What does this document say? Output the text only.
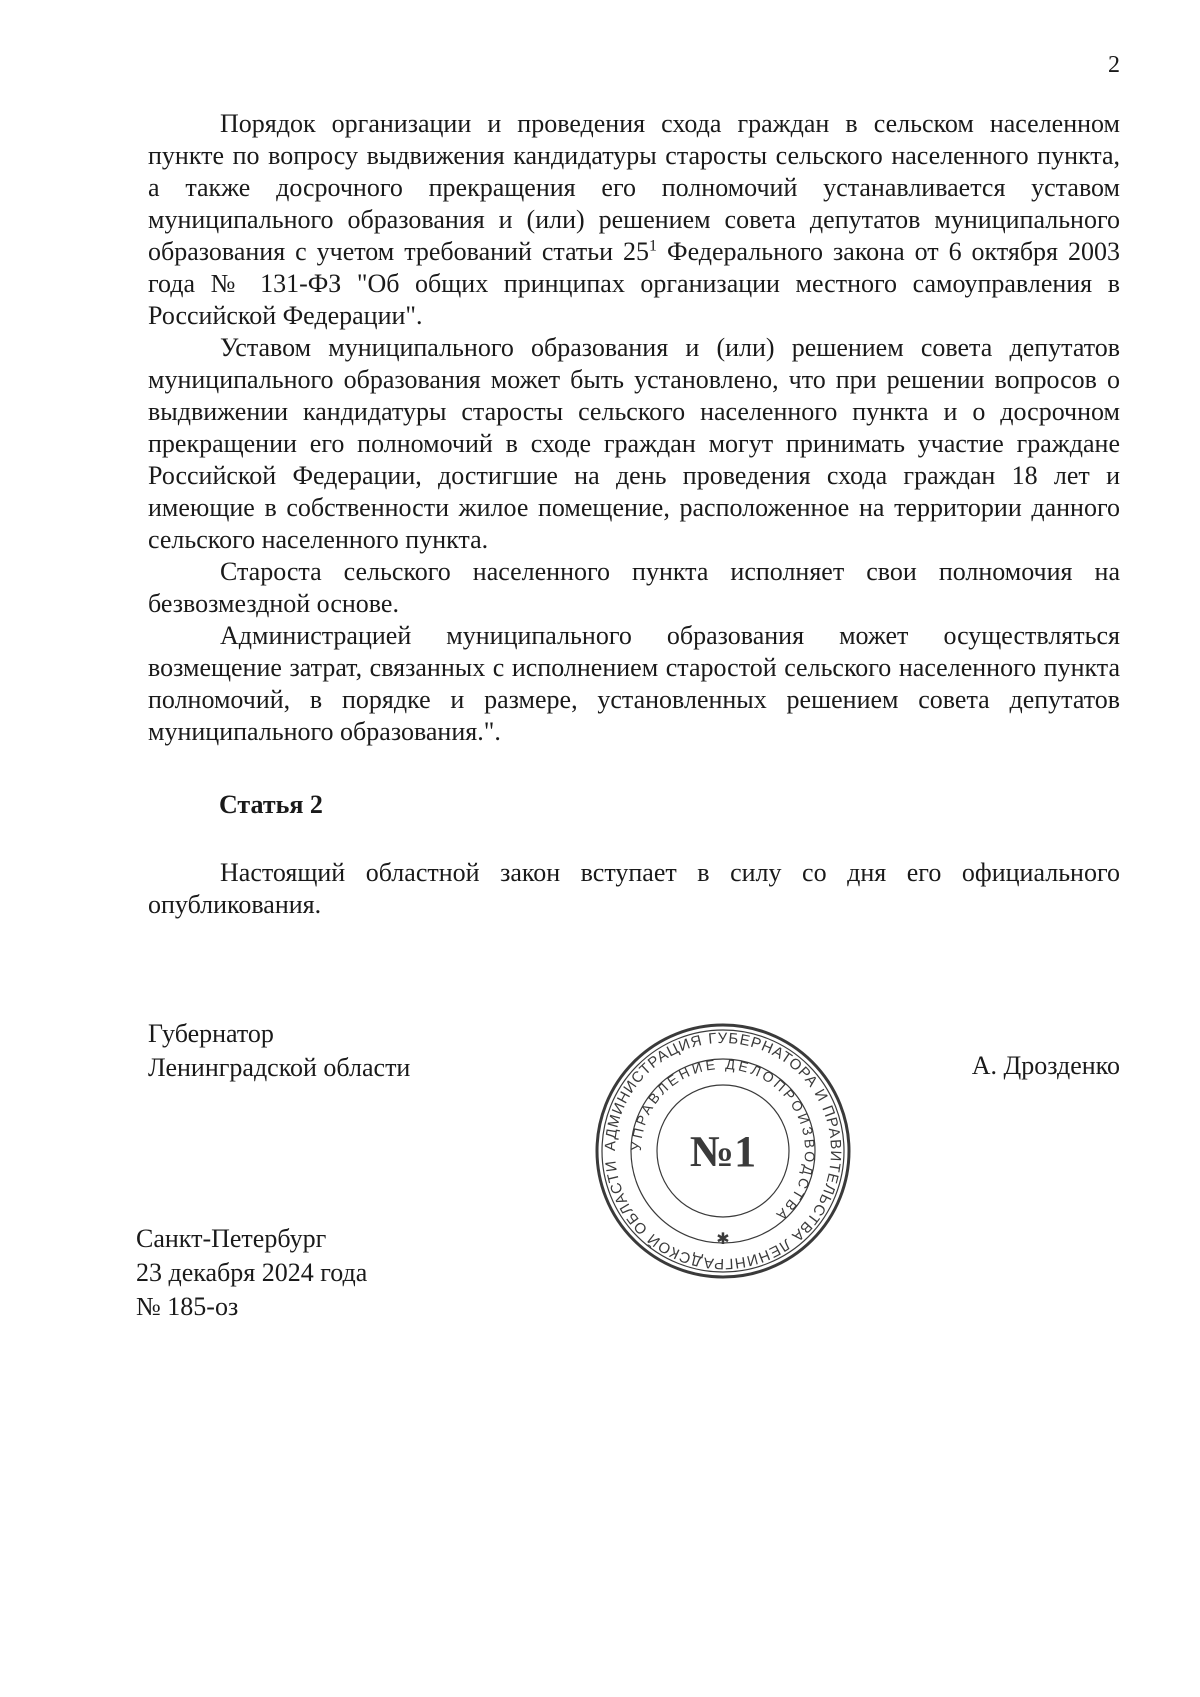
2

Порядок организации и проведения схода граждан в сельском населенном пункте по вопросу выдвижения кандидатуры старосты сельского населенного пункта, а также досрочного прекращения его полномочий устанавливается уставом муниципального образования и (или) решением совета депутатов муниципального образования с учетом требований статьи $25^1$ Федерального закона от 6 октября 2003 года № 131-ФЗ "Об общих принципах организации местного самоуправления в Российской Федерации".

Уставом муниципального образования и (или) решением совета депутатов муниципального образования может быть установлено, что при решении вопросов о выдвижении кандидатуры старосты сельского населенного пункта и о досрочном прекращении его полномочий в сходе граждан могут принимать участие граждане Российской Федерации, достигшие на день проведения схода граждан 18 лет и имеющие в собственности жилое помещение, расположенное на территории данного сельского населенного пункта.

Староста сельского населенного пункта исполняет свои полномочия на безвозмездной основе.

Администрацией муниципального образования может осуществляться возмещение затрат, связанных с исполнением старостой сельского населенного пункта полномочий, в порядке и размере, установленных решением совета депутатов муниципального образования.".

Статья 2

Настоящий областной закон вступает в силу со дня его официального опубликования.

Губернатор
Ленинградской области
АДМИНИСТРАЦИЯ ГУБЕРНАТОРА И ПРАВИТЕЛЬСТВА ЛЕНИНГРАДСКОЙ ОБЛАСТИ
УПРАВЛЕНИЕ ДЕЛОПРОИЗВОДСТВА
№1
✱
А. Дрозденко
Санкт-Петербург
23 декабря 2024 года
№ 185-оз
